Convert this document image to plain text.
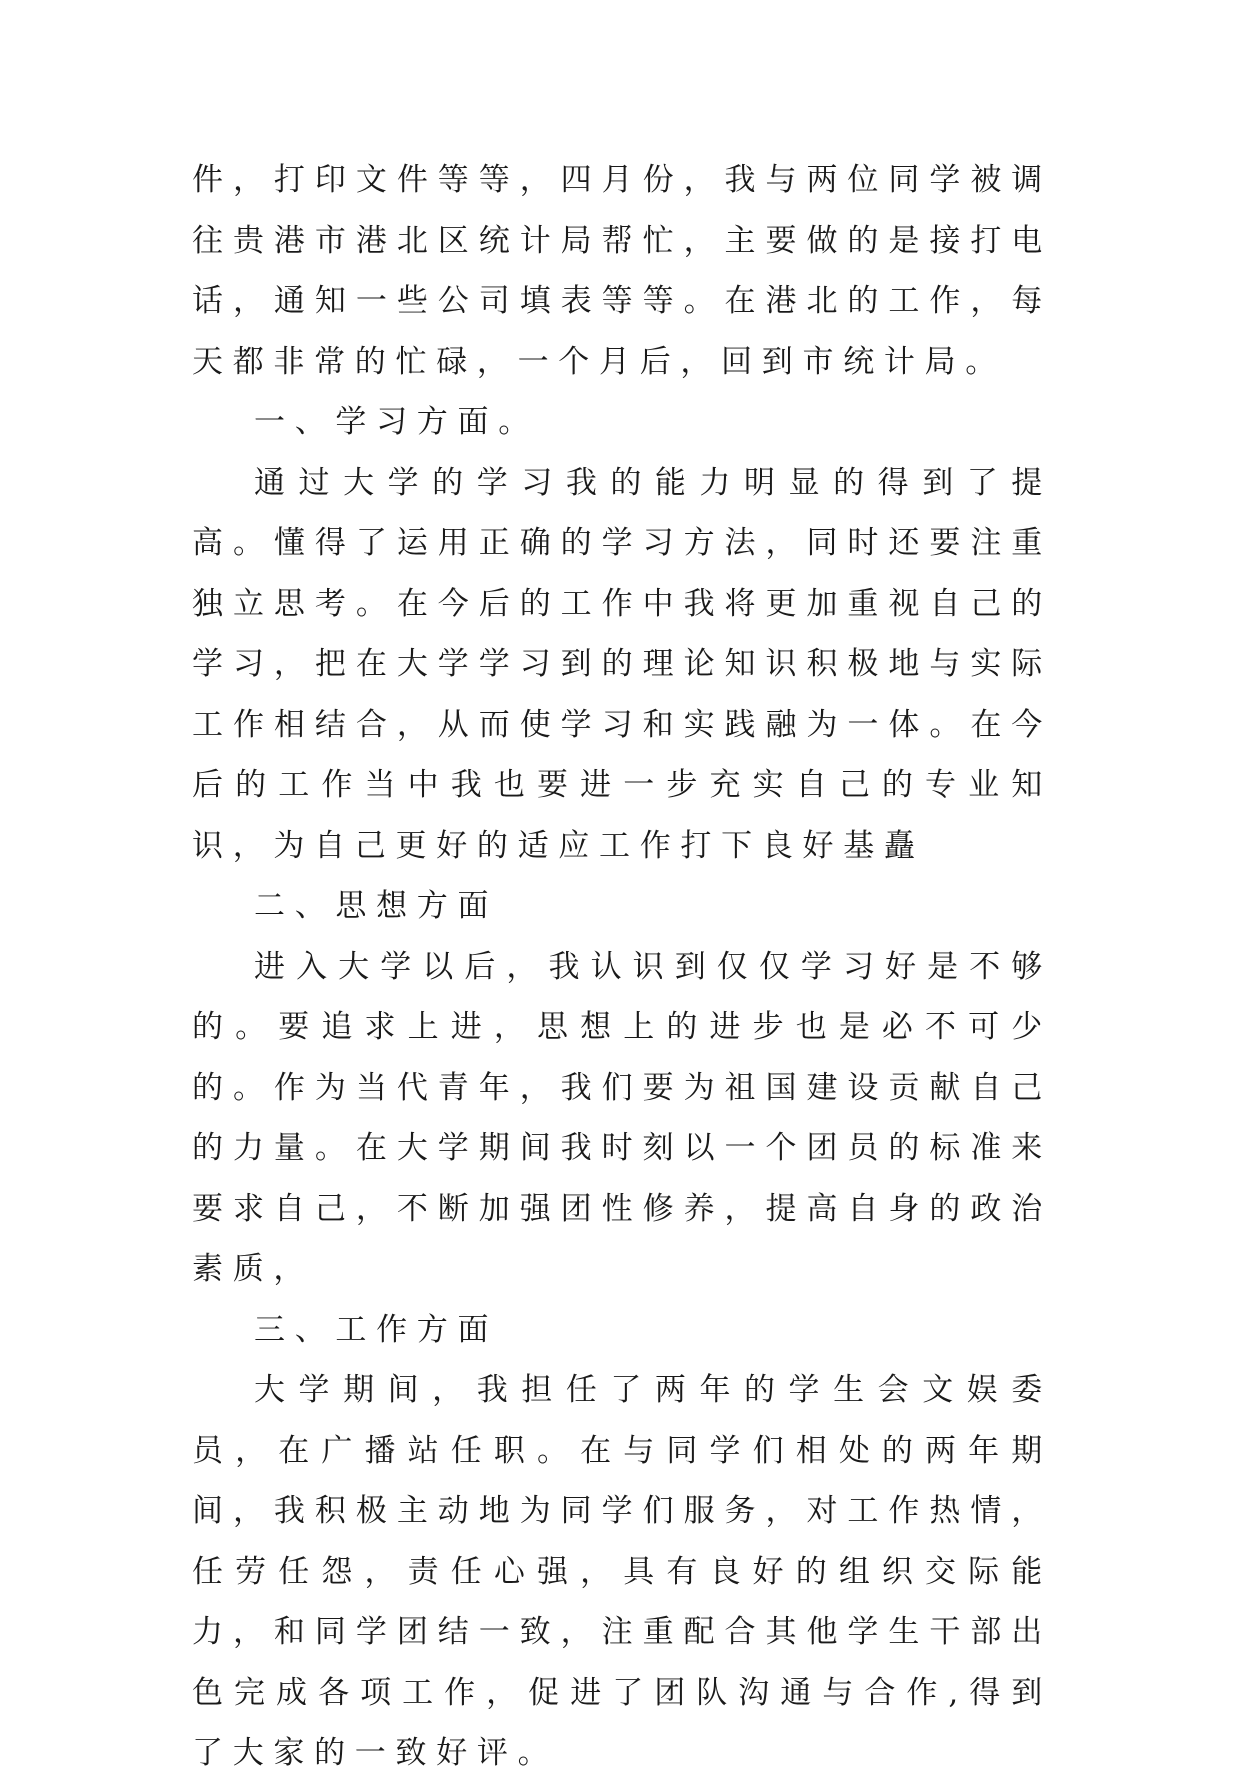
件，打印文件等等，四月份，我与两位同学被调往贵港市港北区统计局帮忙，主要做的是接打电话，通知一些公司填表等等。在港北的工作，每天都非常的忙碌，一个月后，回到市统计局。

一、学习方面。

通过大学的学习我的能力明显的得到了提高。懂得了运用正确的学习方法，同时还要注重独立思考。在今后的工作中我将更加重视自己的学习，把在大学学习到的理论知识积极地与实际工作相结合，从而使学习和实践融为一体。在今后的工作当中我也要进一步充实自己的专业知识，为自己更好的适应工作打下良好基矗

二、思想方面

进入大学以后，我认识到仅仅学习好是不够的。要追求上进，思想上的进步也是必不可少的。作为当代青年，我们要为祖国建设贡献自己的力量。在大学期间我时刻以一个团员的标准来要求自己，不断加强团性修养，提高自身的政治素质，

三、工作方面

大学期间，我担任了两年的学生会文娱委员，在广播站任职。在与同学们相处的两年期间，我积极主动地为同学们服务，对工作热情，任劳任怨，责任心强，具有良好的组织交际能力，和同学团结一致，注重配合其他学生干部出色完成各项工作，促进了团队沟通与合作,得到了大家的一致好评。
